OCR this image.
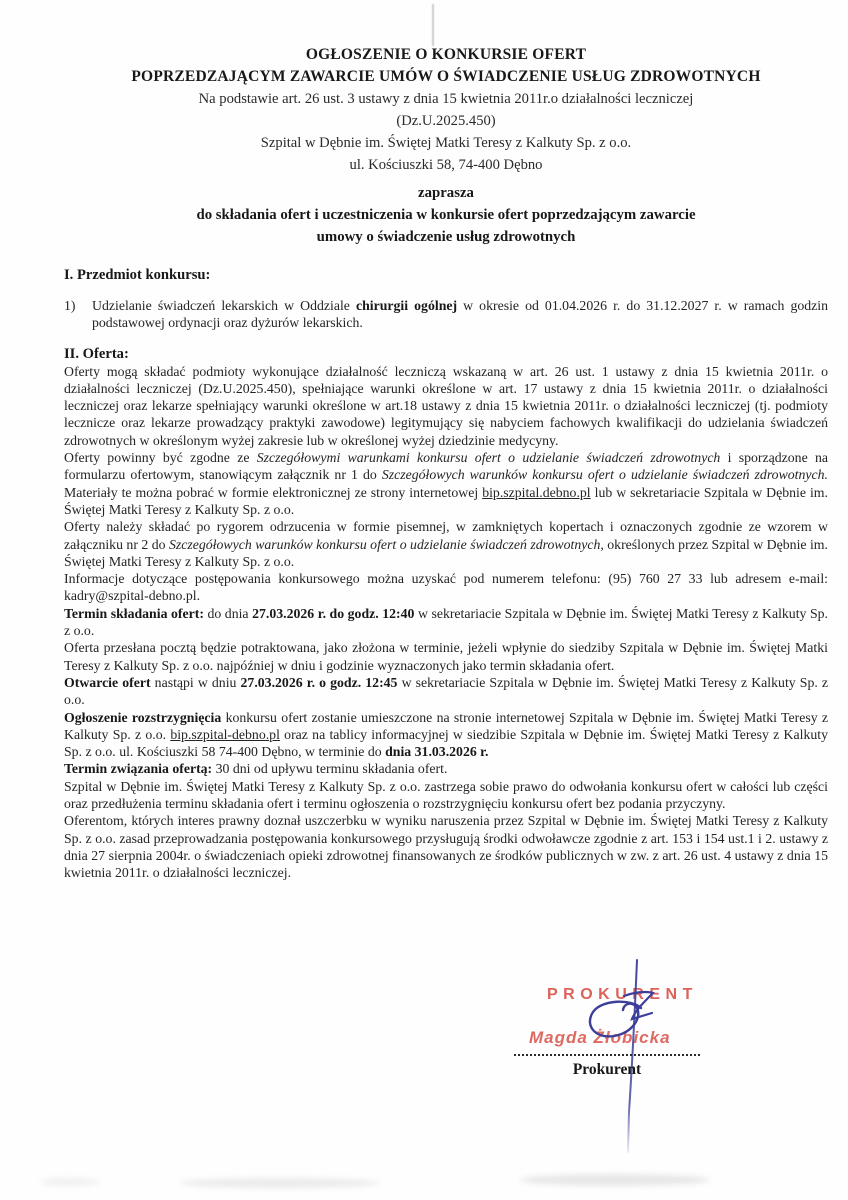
OGŁOSZENIE O KONKURSIE OFERT
POPRZEDZAJĄCYM ZAWARCIE UMÓW O ŚWIADCZENIE USŁUG ZDROWOTNYCH
Na podstawie art. 26 ust. 3 ustawy z dnia 15 kwietnia 2011r.o działalności leczniczej
(Dz.U.2025.450)
Szpital w Dębnie im. Świętej Matki Teresy z Kalkuty Sp. z o.o.
ul. Kościuszki 58, 74-400 Dębno
zaprasza
do składania ofert i uczestniczenia w konkursie ofert poprzedzającym zawarcie
umowy o świadczenie usług zdrowotnych
I. Przedmiot konkursu:
1)	Udzielanie świadczeń lekarskich w Oddziale chirurgii ogólnej w okresie od 01.04.2026 r. do 31.12.2027 r. w ramach godzin podstawowej ordynacji oraz dyżurów lekarskich.
II. Oferta:

Oferty mogą składać podmioty wykonujące działalność leczniczą wskazaną w art. 26 ust. 1 ustawy z dnia 15 kwietnia 2011r. o działalności leczniczej (Dz.U.2025.450), spełniające warunki określone w art. 17 ustawy z dnia 15 kwietnia 2011r. o działalności leczniczej oraz lekarze spełniający warunki określone w art.18 ustawy z dnia 15 kwietnia 2011r. o działalności leczniczej (tj. podmioty lecznicze oraz lekarze prowadzący praktyki zawodowe) legitymujący się nabyciem fachowych kwalifikacji do udzielania świadczeń zdrowotnych w określonym wyżej zakresie lub w określonej wyżej dziedzinie medycyny.

Oferty powinny być zgodne ze Szczegółowymi warunkami konkursu ofert o udzielanie świadczeń zdrowotnych i sporządzone na formularzu ofertowym, stanowiącym załącznik nr 1 do Szczegółowych warunków konkursu ofert o udzielanie świadczeń zdrowotnych. Materiały te można pobrać w formie elektronicznej ze strony internetowej bip.szpital.debno.pl lub w sekretariacie Szpitala w Dębnie im. Świętej Matki Teresy z Kalkuty Sp. z o.o.

Oferty należy składać po rygorem odrzucenia w formie pisemnej, w zamkniętych kopertach i oznaczonych zgodnie ze wzorem w załączniku nr 2 do Szczegółowych warunków konkursu ofert o udzielanie świadczeń zdrowotnych, określonych przez Szpital w Dębnie im. Świętej Matki Teresy z Kalkuty Sp. z o.o.

Informacje dotyczące postępowania konkursowego można uzyskać pod numerem telefonu: (95) 760 27 33 lub adresem e-mail: kadry@szpital-debno.pl.

Termin składania ofert: do dnia 27.03.2026 r. do godz. 12:40 w sekretariacie Szpitala w Dębnie im. Świętej Matki Teresy z Kalkuty Sp. z o.o.

Oferta przesłana pocztą będzie potraktowana, jako złożona w terminie, jeżeli wpłynie do siedziby Szpitala w Dębnie im. Świętej Matki Teresy z Kalkuty Sp. z o.o. najpóźniej w dniu i godzinie wyznaczonych jako termin składania ofert.

Otwarcie ofert nastąpi w dniu 27.03.2026 r. o godz. 12:45 w sekretariacie Szpitala w Dębnie im. Świętej Matki Teresy z Kalkuty Sp. z o.o.

Ogłoszenie rozstrzygnięcia konkursu ofert zostanie umieszczone na stronie internetowej Szpitala w Dębnie im. Świętej Matki Teresy z Kalkuty Sp. z o.o. bip.szpital-debno.pl oraz na tablicy informacyjnej w siedzibie Szpitala w Dębnie im. Świętej Matki Teresy z Kalkuty Sp. z o.o. ul. Kościuszki 58 74-400 Dębno, w terminie do dnia 31.03.2026 r.

Termin związania ofertą: 30 dni od upływu terminu składania ofert.

Szpital w Dębnie im. Świętej Matki Teresy z Kalkuty Sp. z o.o. zastrzega sobie prawo do odwołania konkursu ofert w całości lub części oraz przedłużenia terminu składania ofert i terminu ogłoszenia o rozstrzygnięciu konkursu ofert bez podania przyczyny.

Oferentom, których interes prawny doznał uszczerbku w wyniku naruszenia przez Szpital w Dębnie im. Świętej Matki Teresy z Kalkuty Sp. z o.o. zasad przeprowadzania postępowania konkursowego przysługują środki odwoławcze zgodnie z art. 153 i 154 ust.1 i 2. ustawy z dnia 27 sierpnia 2004r. o świadczeniach opieki zdrowotnej finansowanych ze środków publicznych w zw. z art. 26 ust. 4 ustawy z dnia 15 kwietnia 2011r. o działalności leczniczej.

PROKURENT
Magda Żłobicka
Prokurent
